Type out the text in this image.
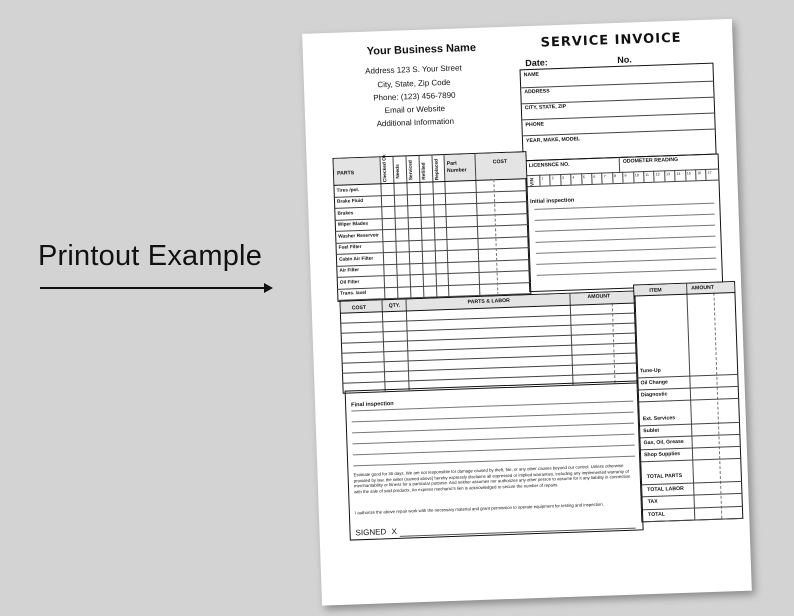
Printout Example
Your Business Name
Address 123 S. Your Street
City, State, Zip Code
Phone: (123) 456-7890
Email or Website
Additional Information
SERVICE INVOICE
Date:	No.
NAME
ADDRESS
CITY, STATE, ZIP
PHONE
YEAR, MAKE, MODEL
LICENSNCE NO.
ODOMETER READING
VIN 1 2 3 4 5 6 7 8 9 10 11 12 13 14 15 16 17
Initial inspection
PARTS	Checked Ok Needs Serviced Refilled Replaced Part
Number
COST
Tires /pol.
Brake Fluid
Brakes
Wiper Blades
Washer Reservoir
Fuel Filter
Cabin Air Filter
Air Filter
Oil Filter
Trans. /axel
COST	QTY.
PARTS & LABOR
AMOUNT
ITEM	AMOUNT
Tune-Up
Oil Change
Diagnostic
Ext. Services
Sublet
Gas, Oil, Grease
Shop Supplies
TOTAL PARTS
TOTAL LABOR
TAX
TOTAL
Final inspection
Estimate good for 30 days. We are not responsible for damage caused by theft, fire, or any other causes beyond our control. Unless otherwise provided by law, the seller (named above) hereby expressly disclaims all expressed or implied warranties, including any implemented warranty of merchantability or fitness for a particular purpose. And neither assumes nor authorizes any other person to assume for it any liability in connection with the sale of said products. An express mechanic's lien is acknowledged to secure the number of repairs.
I authorize the above repair work with the necessary material and grant permission to operate equipment for testing and inspection.
SIGNED X
